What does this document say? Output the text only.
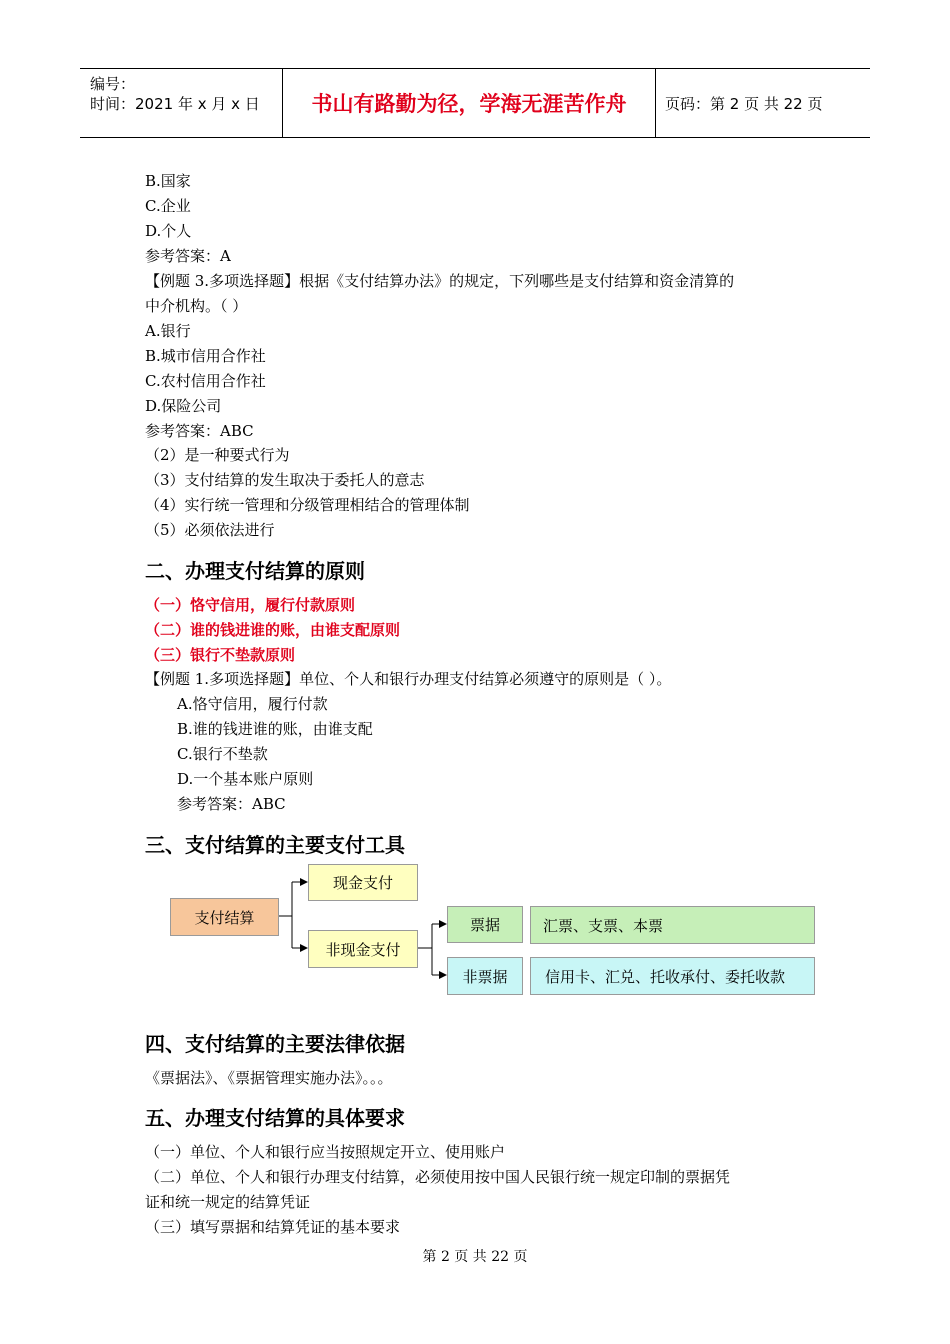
编号：
时间：2021 年 x 月 x 日	书山有路勤为径，学海无涯苦作舟	页码：第 2 页 共 22 页
B.国家
C.企业
D.个人
参考答案：A
【例题 3.多项选择题】根据《支付结算办法》的规定，下列哪些是支付结算和资金清算的
中介机构。（ ）
A.银行
B.城市信用合作社
C.农村信用合作社
D.保险公司
参考答案：ABC
（2）是一种要式行为
（3）支付结算的发生取决于委托人的意志
（4）实行统一管理和分级管理相结合的管理体制
（5）必须依法进行
二、办理支付结算的原则
（一）恪守信用，履行付款原则
（二）谁的钱进谁的账，由谁支配原则
（三）银行不垫款原则
【例题 1.多项选择题】单位、个人和银行办理支付结算必须遵守的原则是（ ）。
A.恪守信用，履行付款
B.谁的钱进谁的账，由谁支配
C.银行不垫款
D.一个基本账户原则
参考答案：ABC
三、支付结算的主要支付工具
支付结算
现金支付
非现金支付
票据	汇票、支票、本票
非票据	信用卡、汇兑、托收承付、委托收款
四、支付结算的主要法律依据
《票据法》、《票据管理实施办法》。。。
五、办理支付结算的具体要求
（一）单位、个人和银行应当按照规定开立、使用账户
（二）单位、个人和银行办理支付结算，必须使用按中国人民银行统一规定印制的票据凭
证和统一规定的结算凭证
（三）填写票据和结算凭证的基本要求
第 2 页 共 22 页
